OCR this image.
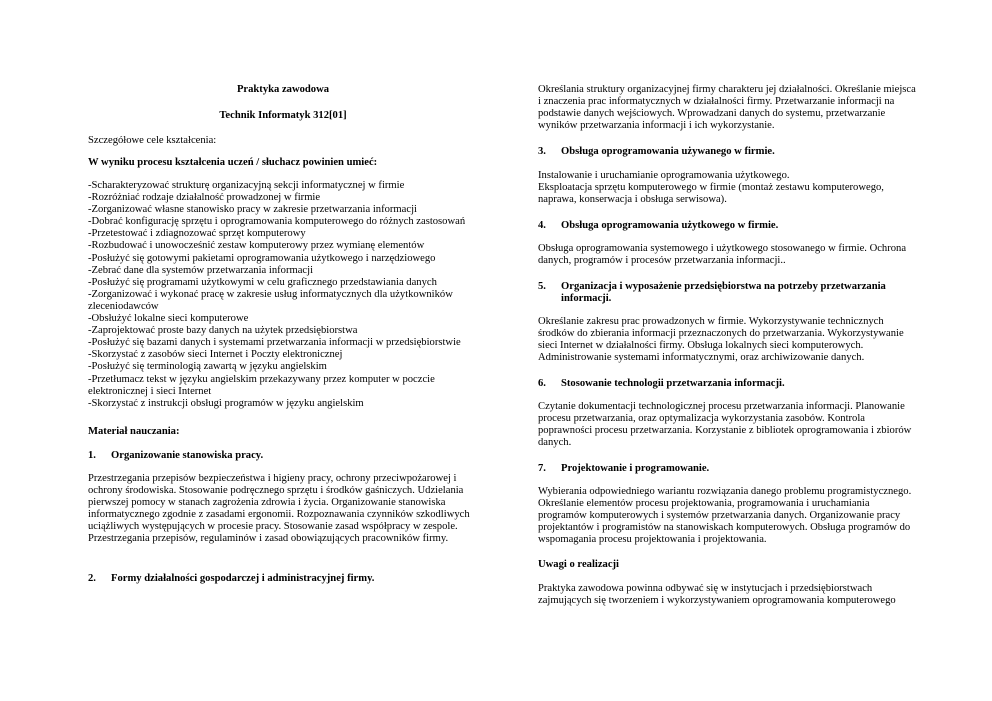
Praktyka zawodowa
Technik Informatyk 312[01]
Szczegółowe cele kształcenia:
W wyniku procesu kształcenia uczeń / słuchacz powinien umieć:
-Scharakteryzować strukturę organizacyjną sekcji informatycznej w firmie
-Rozróżniać rodzaje działalność prowadzonej w firmie
-Zorganizować własne stanowisko pracy w zakresie przetwarzania informacji
-Dobrać konfigurację sprzętu i oprogramowania komputerowego do różnych zastosowań
-Przetestować i zdiagnozować sprzęt komputerowy
-Rozbudować i unowocześnić zestaw komputerowy przez wymianę elementów
-Posłużyć się gotowymi pakietami oprogramowania użytkowego i narzędziowego
-Zebrać dane dla systemów przetwarzania informacji
-Posłużyć się programami użytkowymi w celu graficznego przedstawiania danych
-Zorganizować i wykonać pracę w zakresie usług informatycznych dla użytkowników
zleceniodawców
-Obsłużyć lokalne sieci komputerowe
-Zaprojektować proste bazy danych na użytek przedsiębiorstwa
-Posłużyć się bazami danych i systemami przetwarzania informacji w przedsiębiorstwie
-Skorzystać z zasobów sieci Internet i Poczty elektronicznej
-Posłużyć się terminologią zawartą w języku angielskim
-Przetłumacz tekst w języku angielskim przekazywany przez komputer w poczcie
elektronicznej i sieci Internet
-Skorzystać z instrukcji obsługi programów w języku angielskim
Materiał nauczania:
1. Organizowanie stanowiska pracy.

Przestrzegania przepisów bezpieczeństwa i higieny pracy, ochrony przeciwpożarowej i ochrony środowiska. Stosowanie podręcznego sprzętu i środków gaśniczych. Udzielania pierwszej pomocy w stanach zagrożenia zdrowia i życia. Organizowanie stanowiska informatycznego zgodnie z zasadami ergonomii. Rozpoznawania czynników szkodliwych uciążliwych występujących w procesie pracy. Stosowanie zasad współpracy w zespole. Przestrzegania przepisów, regulaminów i zasad obowiązujących pracowników firmy.

2. Formy działalności gospodarczej i administracyjnej firmy.

Określania struktury organizacyjnej firmy charakteru jej działalności. Określanie miejsca i znaczenia prac informatycznych w działalności firmy. Przetwarzanie informacji na podstawie danych wejściowych. Wprowadzani danych do systemu, przetwarzanie wyników przetwarzania informacji i ich wykorzystanie.

3. Obsługa oprogramowania używanego w firmie.
Instalowanie i uruchamianie oprogramowania użytkowego.

Eksploatacja sprzętu komputerowego w firmie (montaż zestawu komputerowego, naprawa, konserwacja i obsługa serwisowa).

4. Obsługa oprogramowania użytkowego w firmie.

Obsługa oprogramowania systemowego i użytkowego stosowanego w firmie. Ochrona danych, programów i procesów przetwarzania informacji..

5. Organizacja i wyposażenie przedsiębiorstwa na potrzeby przetwarzania informacji.

Określanie zakresu prac prowadzonych w firmie. Wykorzystywanie technicznych środków do zbierania informacji przeznaczonych do przetwarzania. Wykorzystywanie sieci Internet w działalności firmy. Obsługa lokalnych sieci komputerowych. Administrowanie systemami informatycznymi, oraz archiwizowanie danych.

6. Stosowanie technologii przetwarzania informacji.

Czytanie dokumentacji technologicznej procesu przetwarzania informacji. Planowanie procesu przetwarzania, oraz optymalizacja wykorzystania zasobów. Kontrola poprawności procesu przetwarzania. Korzystanie z bibliotek oprogramowania i zbiorów danych.

7. Projektowanie i programowanie.

Wybierania odpowiedniego wariantu rozwiązania danego problemu programistycznego. Określanie elementów procesu projektowania, programowania i uruchamiania programów komputerowych i systemów przetwarzania danych. Organizowanie pracy projektantów i programistów na stanowiskach komputerowych. Obsługa programów do wspomagania procesu projektowania i projektowania.

Uwagi o realizacji

Praktyka zawodowa powinna odbywać się w instytucjach i przedsiębiorstwach zajmujących się tworzeniem i wykorzystywaniem oprogramowania komputerowego
